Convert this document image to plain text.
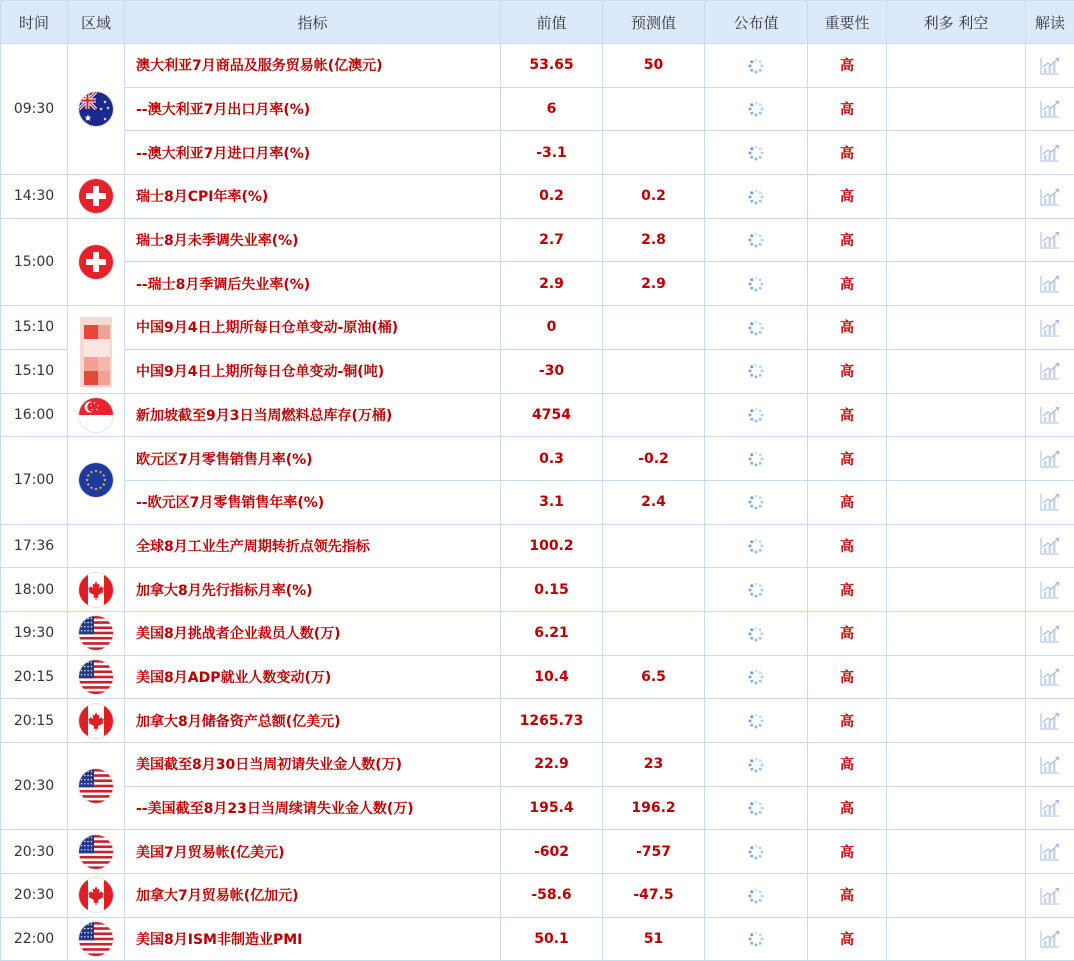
时间	区域	指标	前值	预测值	公布值	重要性	利多 利空	解读
09:30		澳大利亚7月商品及服务贸易帐(亿澳元)	53.65	50		高		
		--澳大利亚7月出口月率(%)	6			高		
		--澳大利亚7月进口月率(%)	-3.1			高		
14:30		瑞士8月CPI年率(%)	0.2	0.2		高		
15:00		瑞士8月未季调失业率(%)	2.7	2.8		高		
		--瑞士8月季调后失业率(%)	2.9	2.9		高		
15:10		中国9月4日上期所每日仓单变动-原油(桶)	0			高		
15:10		中国9月4日上期所每日仓单变动-铜(吨)	-30			高		
16:00		新加坡截至9月3日当周燃料总库存(万桶)	4754			高		
17:00		欧元区7月零售销售月率(%)	0.3	-0.2		高		
		--欧元区7月零售销售年率(%)	3.1	2.4		高		
17:36		全球8月工业生产周期转折点领先指标	100.2			高		
18:00		加拿大8月先行指标月率(%)	0.15			高		
19:30		美国8月挑战者企业裁员人数(万)	6.21			高		
20:15		美国8月ADP就业人数变动(万)	10.4	6.5		高		
20:15		加拿大8月储备资产总额(亿美元)	1265.73			高		
20:30		美国截至8月30日当周初请失业金人数(万)	22.9	23		高		
		--美国截至8月23日当周续请失业金人数(万)	195.4	196.2		高		
20:30		美国7月贸易帐(亿美元)	-602	-757		高		
20:30		加拿大7月贸易帐(亿加元)	-58.6	-47.5		高		
22:00		美国8月ISM非制造业PMI	50.1	51		高		
